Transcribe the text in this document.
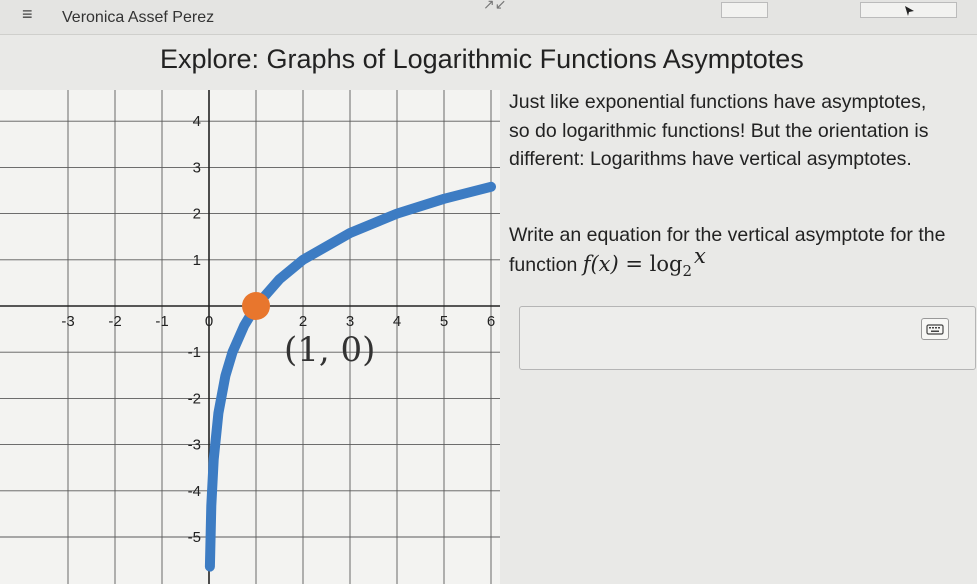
≡ Veronica Assef Perez
↗↙
Explore: Graphs of Logarithmic Functions Asymptotes
-3 -2 -1 0	2	3	4	5	6
4
3
2
1
-1
-2
-3
-4
-5
(1, 0)
Just like exponential functions have asymptotes, so do logarithmic functions! But the orientation is different: Logarithms have vertical asymptotes.
Write an equation for the vertical asymptote for the function $f(x) = \log_2x$
